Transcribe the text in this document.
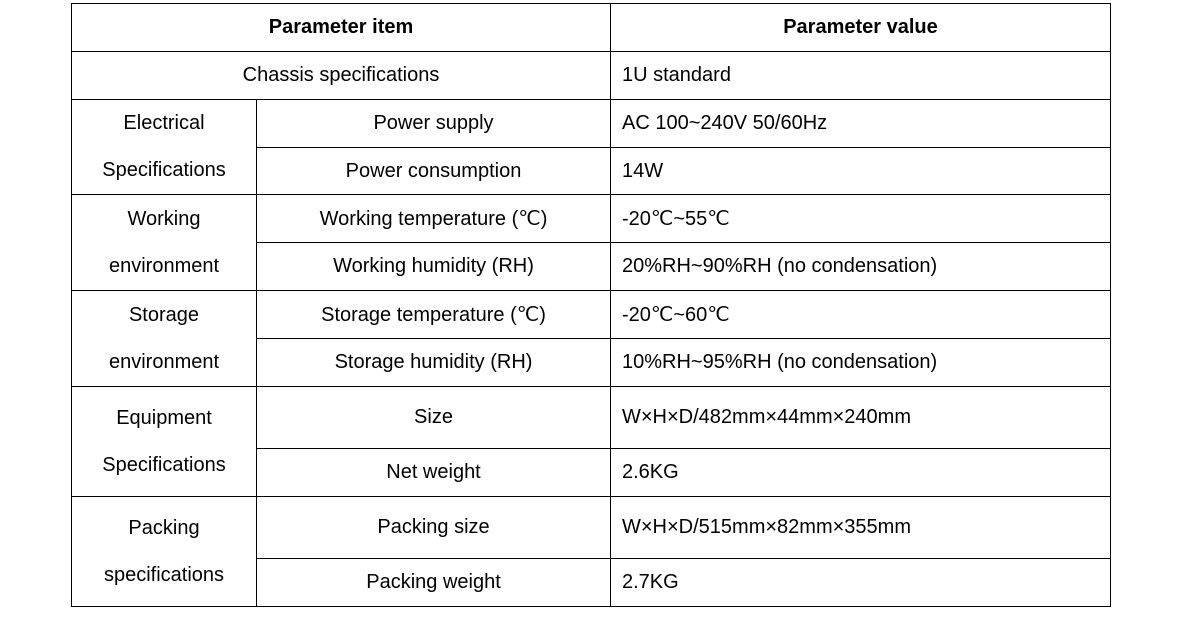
Parameter item		Parameter value
Chassis specifications		1U standard

Electrical
Specifications	Power supply	AC 100~240V 50/60Hz
	Power consumption	14W

Working
environment	Working temperature (℃)	-20℃~55℃
	Working humidity (RH)	20%RH~90%RH (no condensation)

Storage
environment	Storage temperature (℃)	-20℃~60℃
	Storage humidity (RH)	10%RH~95%RH (no condensation)

Equipment
Specifications	Size	W×H×D/482mm×44mm×240mm
	Net weight	2.6KG

Packing
specifications	Packing size	W×H×D/515mm×82mm×355mm
	Packing weight	2.7KG
